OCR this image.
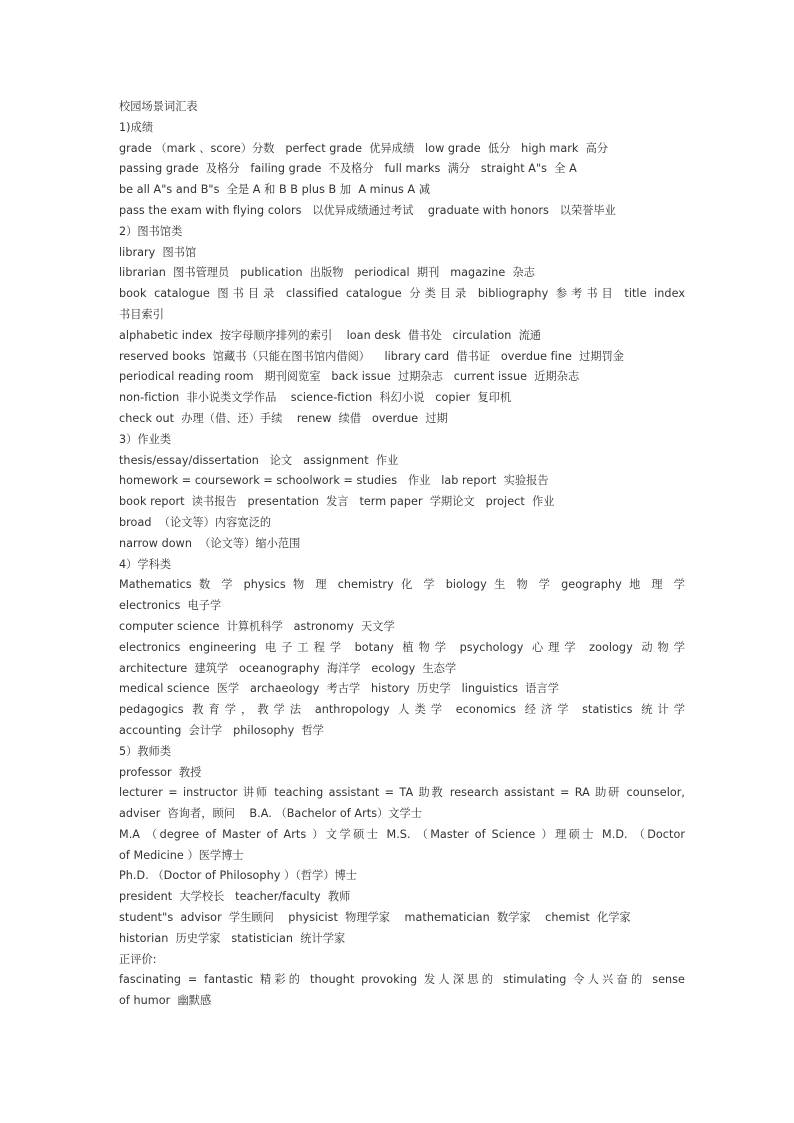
校园场景词汇表
1)成绩
grade （mark 、score）分数   perfect grade  优异成绩   low grade  低分   high mark  高分
passing grade  及格分   failing grade  不及格分   full marks  满分   straight A"s  全 A
be all A"s and B"s  全是 A 和 B B plus B 加  A minus A 减
pass the exam with flying colors   以优异成绩通过考试    graduate with honors   以荣誉毕业
2）图书馆类
library  图书馆
librarian  图书管理员   publication  出版物   periodical  期刊   magazine  杂志
book catalogue 图书目录 classified catalogue 分类目录 bibliography 参考书目 title index
书目索引
alphabetic index  按字母顺序排列的索引    loan desk  借书处   circulation  流通
reserved books  馆藏书（只能在图书馆内借阅）    library card  借书证   overdue fine  过期罚金
periodical reading room   期刊阅览室   back issue  过期杂志   current issue  近期杂志
non-fiction  非小说类文学作品    science-fiction  科幻小说   copier  复印机
check out  办理（借、还）手续    renew  续借   overdue  过期
3）作业类
thesis/essay/dissertation   论文   assignment  作业
homework = coursework = schoolwork = studies   作业   lab report  实验报告
book report  读书报告   presentation  发言   term paper  学期论文   project  作业
broad  （论文等）内容宽泛的
narrow down  （论文等）缩小范围
4）学科类
Mathematics 数 学 physics 物 理 chemistry 化 学 biology 生 物 学 geography 地 理 学
electronics  电子学
computer science  计算机科学   astronomy  天文学
electronics engineering 电子工程学 botany 植物学 psychology 心理学 zoology 动物学
architecture  建筑学   oceanography  海洋学   ecology  生态学
medical science  医学   archaeology  考古学   history  历史学   linguistics  语言学
pedagogics 教育学，教学法 anthropology 人类学 economics 经济学 statistics 统计学
accounting  会计学   philosophy  哲学
5）教师类
professor  教授
lecturer = instructor 讲师 teaching assistant = TA 助教 research assistant = RA 助研 counselor,
adviser  咨询者，顾问    B.A. （Bachelor of Arts）文学士
M.A （degree of Master of Arts ）文学硕士 M.S. （Master of Science ）理硕士 M.D. （Doctor
of Medicine ）医学博士
Ph.D. （Doctor of Philosophy ）（哲学）博士
president  大学校长   teacher/faculty  教师
student"s  advisor  学生顾问    physicist  物理学家    mathematician  数学家    chemist  化学家
historian  历史学家   statistician  统计学家
正评价:
fascinating = fantastic 精彩的 thought provoking 发人深思的 stimulating 令人兴奋的 sense
of humor  幽默感
